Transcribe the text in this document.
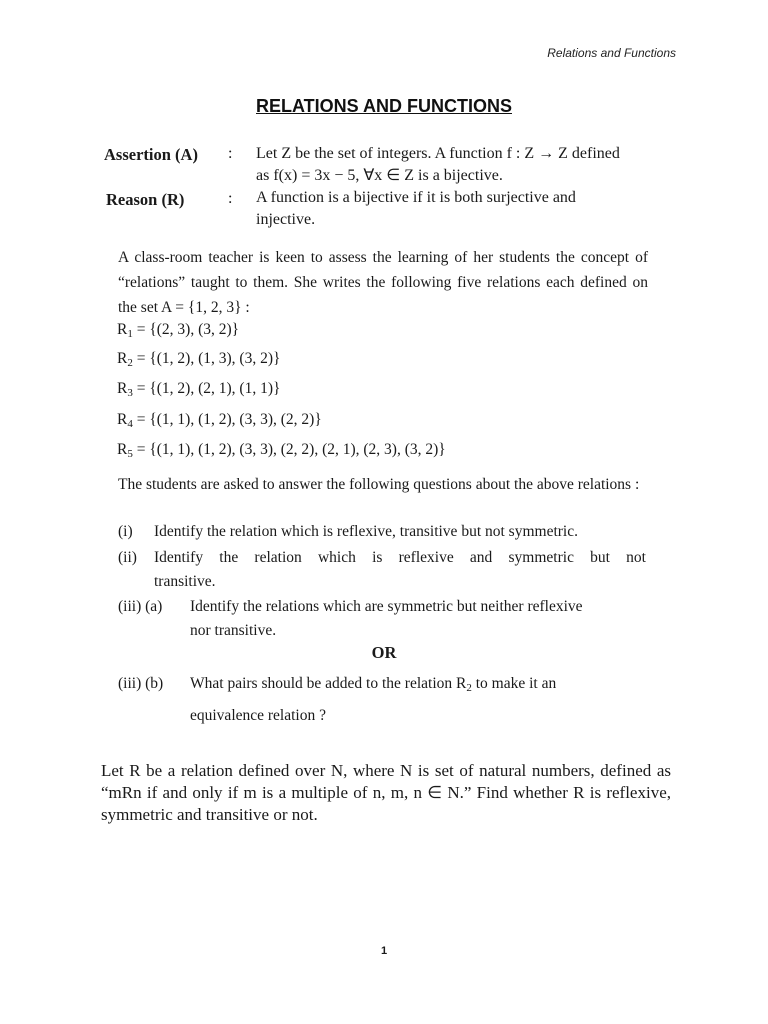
Relations and Functions
RELATIONS AND FUNCTIONS
Assertion (A) : Let Z be the set of integers. A function f : Z → Z defined
as f(x) = 3x − 5, ∀x ∈ Z is a bijective.
Reason (R)	: A function is a bijective if it is both surjective and
injective.
A class-room teacher is keen to assess the learning of her students the concept of “relations” taught to them. She writes the following five relations each defined on the set A = {1, 2, 3} :
$R_1 = \{(2$, 3), (3, 2)}
$R_2 = \{(1$, 2), (1, 3), (3, 2)}
$R_3 = \{(1$, 2), (2, 1), (1, 1)}
$R_4 = \{(1$, 1), (1, 2), (3, 3), (2, 2)}
$R_5 = \{(1$, 1), (1, 2), (3, 3), (2, 2), (2, 1), (2, 3), (3, 2)}
The students are asked to answer the following questions about the above relations :
(i) Identify the relation which is reflexive, transitive but not symmetric.
(ii) Identify the relation which is reflexive and symmetric but not
transitive.
(iii) (a) Identify the relations which are symmetric but neither reflexive
nor transitive.
OR
(iii) (b) What pairs should be added to the relation $R_2$ to make it an
equivalence relation ?
Let R be a relation defined over N, where N is set of natural numbers, defined as “mRn if and only if m is a multiple of n, m, n ∈ N.” Find whether R is reflexive, symmetric and transitive or not.
1
